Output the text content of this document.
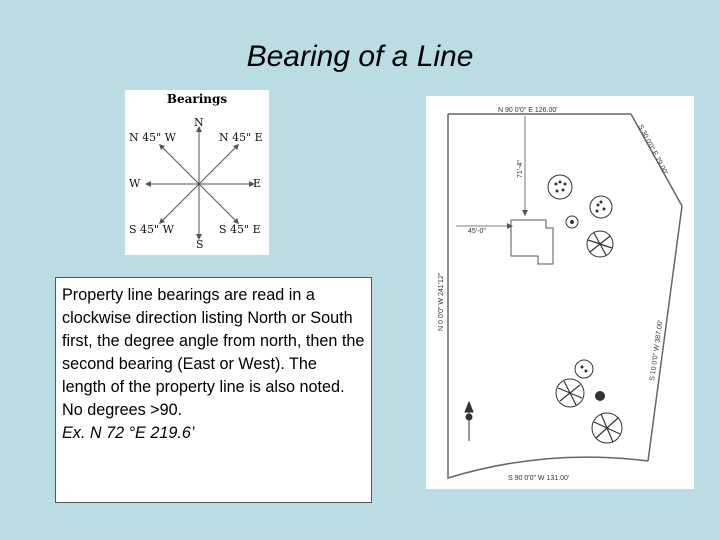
Bearing of a Line
Bearings
N
S
W	E
N 45" W	N 45" E
S 45" W	S 45" E
Property line bearings are read in a clockwise direction listing North or South first, the degree angle from north, then the second bearing (East or West). The length of the property line is also noted. No degrees >90.
Ex. N 72 °E 219.6’
N 90 0'0" E 126.00'
S 30 0'0" E 79.00'
S 10 0'0" W 387.00'
N 0 0'0" W 241'12"
S 90 0'0" W 131.00'
71'-4"
45'-0"
